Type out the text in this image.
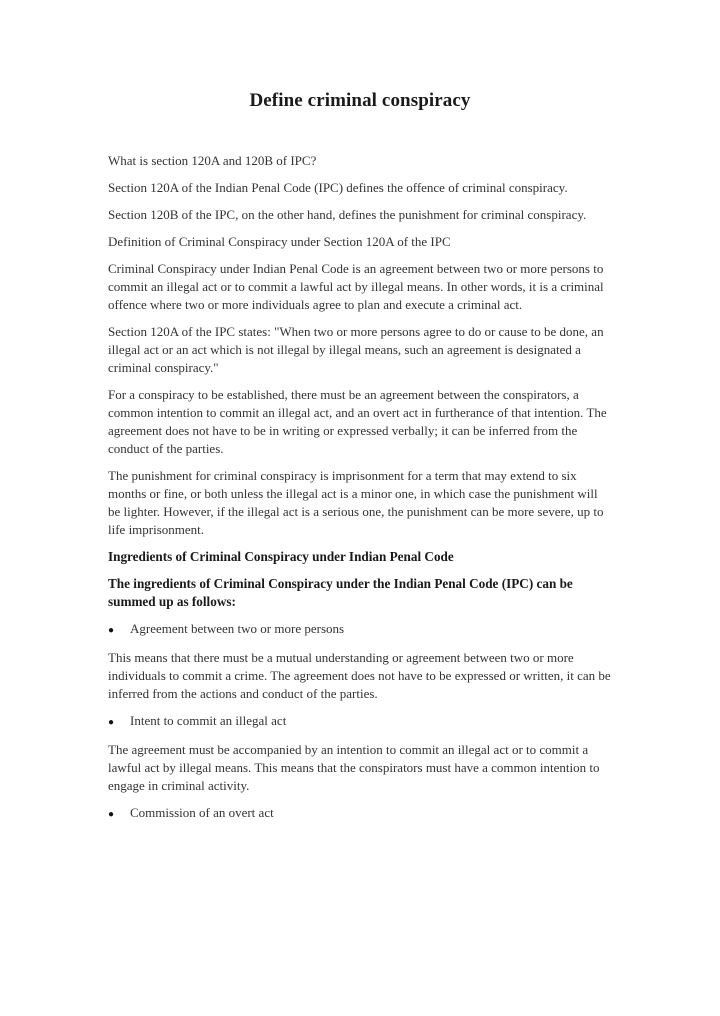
Define criminal conspiracy

What is section 120A and 120B of IPC?

Section 120A of the Indian Penal Code (IPC) defines the offence of criminal conspiracy.

Section 120B of the IPC, on the other hand, defines the punishment for criminal conspiracy.

Definition of Criminal Conspiracy under Section 120A of the IPC

Criminal Conspiracy under Indian Penal Code is an agreement between two or more persons to commit an illegal act or to commit a lawful act by illegal means. In other words, it is a criminal offence where two or more individuals agree to plan and execute a criminal act.

Section 120A of the IPC states: "When two or more persons agree to do or cause to be done, an illegal act or an act which is not illegal by illegal means, such an agreement is designated a criminal conspiracy."

For a conspiracy to be established, there must be an agreement between the conspirators, a common intention to commit an illegal act, and an overt act in furtherance of that intention. The agreement does not have to be in writing or expressed verbally; it can be inferred from the conduct of the parties.

The punishment for criminal conspiracy is imprisonment for a term that may extend to six months or fine, or both unless the illegal act is a minor one, in which case the punishment will be lighter. However, if the illegal act is a serious one, the punishment can be more severe, up to life imprisonment.

Ingredients of Criminal Conspiracy under Indian Penal Code

The ingredients of Criminal Conspiracy under the Indian Penal Code (IPC) can be summed up as follows:

●	Agreement between two or more persons

This means that there must be a mutual understanding or agreement between two or more individuals to commit a crime. The agreement does not have to be expressed or written, it can be inferred from the actions and conduct of the parties.

●	Intent to commit an illegal act

The agreement must be accompanied by an intention to commit an illegal act or to commit a lawful act by illegal means. This means that the conspirators must have a common intention to engage in criminal activity.

●	Commission of an overt act
